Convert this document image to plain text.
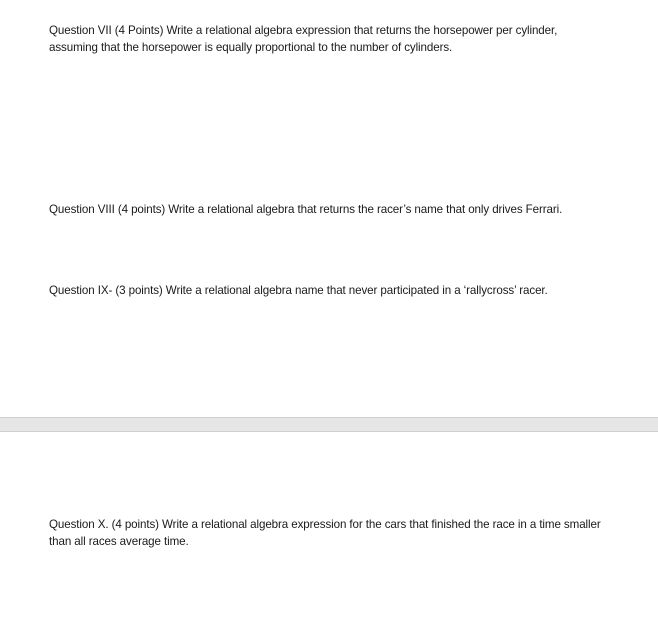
Question VII (4 Points) Write a relational algebra expression that returns the horsepower per cylinder, assuming that the horsepower is equally proportional to the number of cylinders.

Question VIII (4 points) Write a relational algebra that returns the racer’s name that only drives Ferrari.

Question IX- (3 points) Write a relational algebra name that never participated in a ‘rallycross’ racer.

Question X. (4 points) Write a relational algebra expression for the cars that finished the race in a time smaller than all races average time.
